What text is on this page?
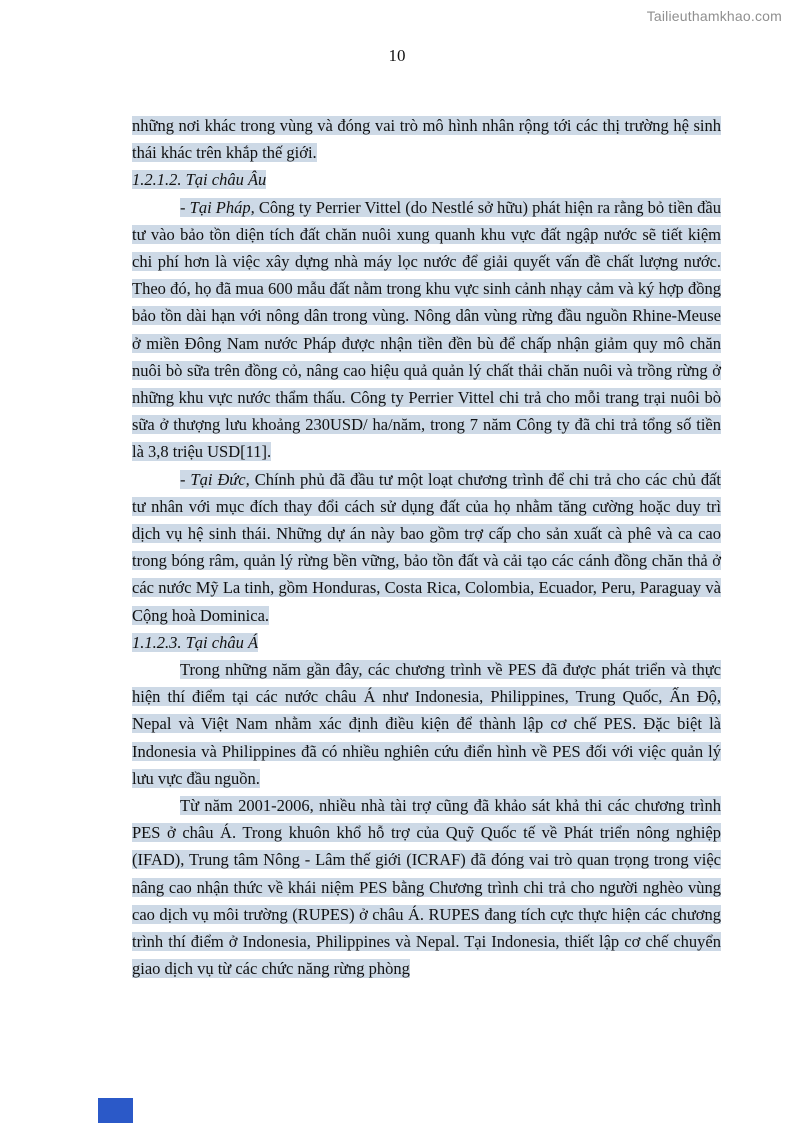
Tailieuthamkhao.com
10

những nơi khác trong vùng và đóng vai trò mô hình nhân rộng tới các thị trường hệ sinh thái khác trên khắp thế giới.

1.2.1.2. Tại châu Âu

- Tại Pháp, Công ty Perrier Vittel (do Nestlé sở hữu) phát hiện ra rằng bỏ tiền đầu tư vào bảo tồn diện tích đất chăn nuôi xung quanh khu vực đất ngập nước sẽ tiết kiệm chi phí hơn là việc xây dựng nhà máy lọc nước để giải quyết vấn đề chất lượng nước. Theo đó, họ đã mua 600 mẫu đất nằm trong khu vực sinh cảnh nhạy cảm và ký hợp đồng bảo tồn dài hạn với nông dân trong vùng. Nông dân vùng rừng đầu nguồn Rhine-Meuse ở miền Đông Nam nước Pháp được nhận tiền đền bù để chấp nhận giảm quy mô chăn nuôi bò sữa trên đồng cỏ, nâng cao hiệu quả quản lý chất thải chăn nuôi và trồng rừng ở những khu vực nước thẩm thấu. Công ty Perrier Vittel chi trả cho mỗi trang trại nuôi bò sữa ở thượng lưu khoảng 230USD/ ha/năm, trong 7 năm Công ty đã chi trả tổng số tiền là 3,8 triệu USD[11].

- Tại Đức, Chính phủ đã đầu tư một loạt chương trình để chi trả cho các chủ đất tư nhân với mục đích thay đổi cách sử dụng đất của họ nhằm tăng cường hoặc duy trì dịch vụ hệ sinh thái. Những dự án này bao gồm trợ cấp cho sản xuất cà phê và ca cao trong bóng râm, quản lý rừng bền vững, bảo tồn đất và cải tạo các cánh đồng chăn thả ở các nước Mỹ La tinh, gồm Honduras, Costa Rica, Colombia, Ecuador, Peru, Paraguay và Cộng hoà Dominica.

1.1.2.3. Tại châu Á

Trong những năm gần đây, các chương trình về PES đã được phát triển và thực hiện thí điểm tại các nước châu Á như Indonesia, Philippines, Trung Quốc, Ấn Độ, Nepal và Việt Nam nhằm xác định điều kiện để thành lập cơ chế PES. Đặc biệt là Indonesia và Philippines đã có nhiều nghiên cứu điển hình về PES đối với việc quản lý lưu vực đầu nguồn.

Từ năm 2001-2006, nhiều nhà tài trợ cũng đã khảo sát khả thi các chương trình PES ở châu Á. Trong khuôn khổ hỗ trợ của Quỹ Quốc tế về Phát triển nông nghiệp (IFAD), Trung tâm Nông - Lâm thế giới (ICRAF) đã đóng vai trò quan trọng trong việc nâng cao nhận thức về khái niệm PES bằng Chương trình chi trả cho người nghèo vùng cao dịch vụ môi trường (RUPES) ở châu Á. RUPES đang tích cực thực hiện các chương trình thí điểm ở Indonesia, Philippines và Nepal. Tại Indonesia, thiết lập cơ chế chuyển giao dịch vụ từ các chức năng rừng phòng
